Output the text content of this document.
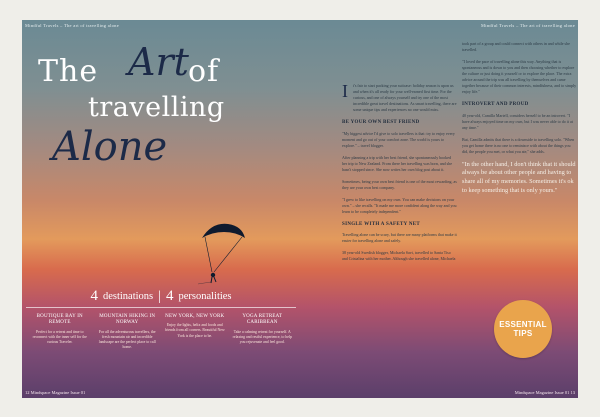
Mindful Travels – The art of travelling alone
The Art of
travelling
Alone
4 destinations | 4 personalities
BOUTIQUE BAY IN REMOTE
Perfect for a retreat and time to reconnect with the inner self for the curious Traveler.
MOUNTAIN HIKING IN NORWAY
For all the adventurous travellers, the fresh mountain air and incredible landscape are the perfect place to call home.
NEW YORK, NEW YORK
Enjoy the lights, helix and foods and friends from all corners. Beautiful New York is the place to be.
YOGA RETREAT CARIBBEAN
Take a calming retreat for yourself. A relaxing and restful experience, to help you rejuvenate and feel good.
12 Mindspace Magazine Issue 01
Mindful Travels – The art of travelling alone

I t's fair to start packing your suitcase: holiday season is upon us and when it's all ready for your well-earned first time. For the curious, and one of always yourself and try one of the most incredible great travel destinations. As smart travelling, there are some unique tips and experiences no one would miss.

BE YOUR OWN BEST FRIEND

"My biggest advice I'd give to solo travellers is that: try to enjoy every moment and go out of your comfort zone. The world is yours to explore." – travel blogger.

After planning a trip with her best friend, she spontaneously booked her trip to New Zealand. From there her travelling was born, and she hasn't stopped since. She now writes her own blog post about it.

Sometimes, being your own best friend is one of the most rewarding, as they are your own best company.

"I grew to like travelling on my own. You can make decisions on your own." – she recalls. "It made me more confident along the way and you learn to be completely independent."

SINGLE WITH A SAFETY NET

Travelling alone can be scary, but there are many platforms that make it easier for travelling alone and safely.

38 year-old Swedish blogger, Michaela Savi, travelled to Santa Tiso and Cristalina with her mother. Although she travelled alone, Michaela

took part of a group and could connect with others in and while she travelled.

"I loved the pace of travelling alone this way. Anything that is spontaneous and is down to you and then choosing whether to explore the culture or just doing it yourself or to explore the place. The extra advice around the trip was all travelling by themselves and came together because of their common interests, mindfulness, and to simply enjoy life."

INTROVERT AND PROUD

40 year-old, Camilla Martell, considers herself to be an introvert. "I have always enjoyed time on my own, but I was never able to do it at any time."

But, Camilla admits that there is a downside to travelling solo. "When you get home there is no one to reminisce with about the things you did, the people you met, or what you ate," she adds.

"In the other hand, I don't think that it should always be about other people and having to share all of my memories. Sometimes it's ok to keep something that is only yours."

ESSENTIAL
TIPS
Mindspace Magazine Issue 01 13
